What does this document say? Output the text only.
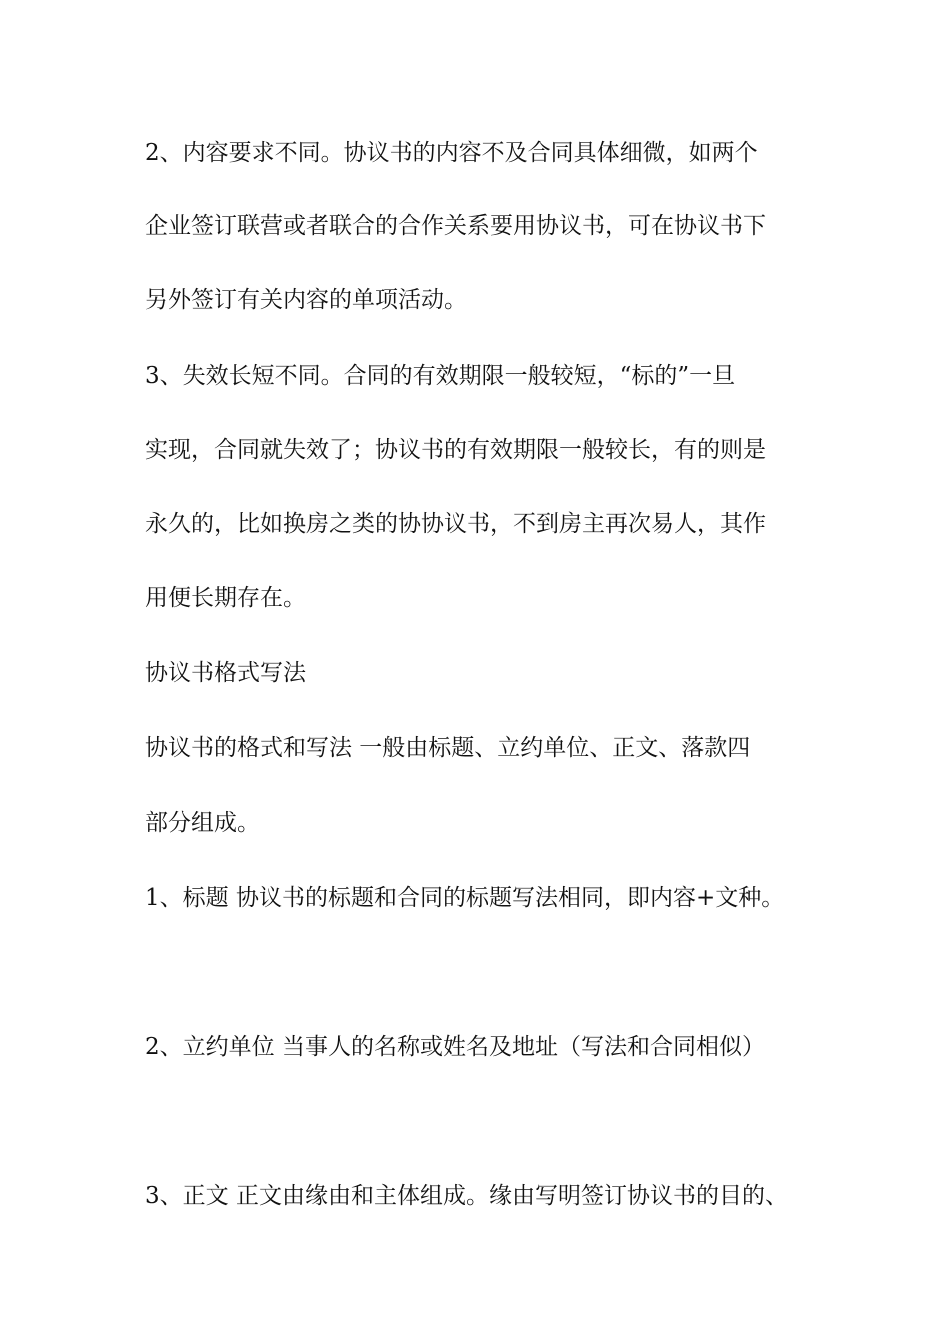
2、内容要求不同。协议书的内容不及合同具体细微，如两个
企业签订联营或者联合的合作关系要用协议书，可在协议书下
另外签订有关内容的单项活动。
3、失效长短不同。合同的有效期限一般较短，“标的”一旦
实现，合同就失效了；协议书的有效期限一般较长，有的则是
永久的，比如换房之类的协协议书，不到房主再次易人，其作
用便长期存在。
协议书格式写法
协议书的格式和写法 一般由标题、立约单位、正文、落款四
部分组成。
1、标题 协议书的标题和合同的标题写法相同，即内容+文种。
2、立约单位 当事人的名称或姓名及地址（写法和合同相似）
3、正文 正文由缘由和主体组成。缘由写明签订协议书的目的、
